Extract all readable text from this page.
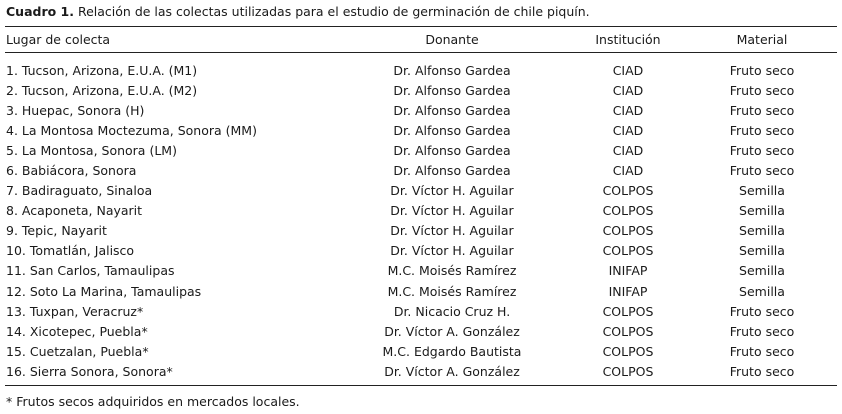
Cuadro 1. Relación de las colectas utilizadas para el estudio de germinación de chile piquín.
Lugar de colecta	Donante	Institución	Material

1. Tucson, Arizona, E.U.A. (M1)	Dr. Alfonso Gardea	CIAD	Fruto seco
2. Tucson, Arizona, E.U.A. (M2)	Dr. Alfonso Gardea	CIAD	Fruto seco
3. Huepac, Sonora (H)	Dr. Alfonso Gardea	CIAD	Fruto seco
4. La Montosa Moctezuma, Sonora (MM)	Dr. Alfonso Gardea	CIAD	Fruto seco
5. La Montosa, Sonora (LM)	Dr. Alfonso Gardea	CIAD	Fruto seco
6. Babiácora, Sonora	Dr. Alfonso Gardea	CIAD	Fruto seco
7. Badiraguato, Sinaloa	Dr. Víctor H. Aguilar	COLPOS	Semilla
8. Acaponeta, Nayarit	Dr. Víctor H. Aguilar	COLPOS	Semilla
9. Tepic, Nayarit	Dr. Víctor H. Aguilar	COLPOS	Semilla
10. Tomatlán, Jalisco	Dr. Víctor H. Aguilar	COLPOS	Semilla
11. San Carlos, Tamaulipas	M.C. Moisés Ramírez	INIFAP	Semilla
12. Soto La Marina, Tamaulipas	M.C. Moisés Ramírez	INIFAP	Semilla
13. Tuxpan, Veracruz*	Dr. Nicacio Cruz H.	COLPOS	Fruto seco
14. Xicotepec, Puebla*	Dr. Víctor A. González	COLPOS	Fruto seco
15. Cuetzalan, Puebla*	M.C. Edgardo Bautista	COLPOS	Fruto seco
16. Sierra Sonora, Sonora*	Dr. Víctor A. González	COLPOS	Fruto seco
* Frutos secos adquiridos en mercados locales.
